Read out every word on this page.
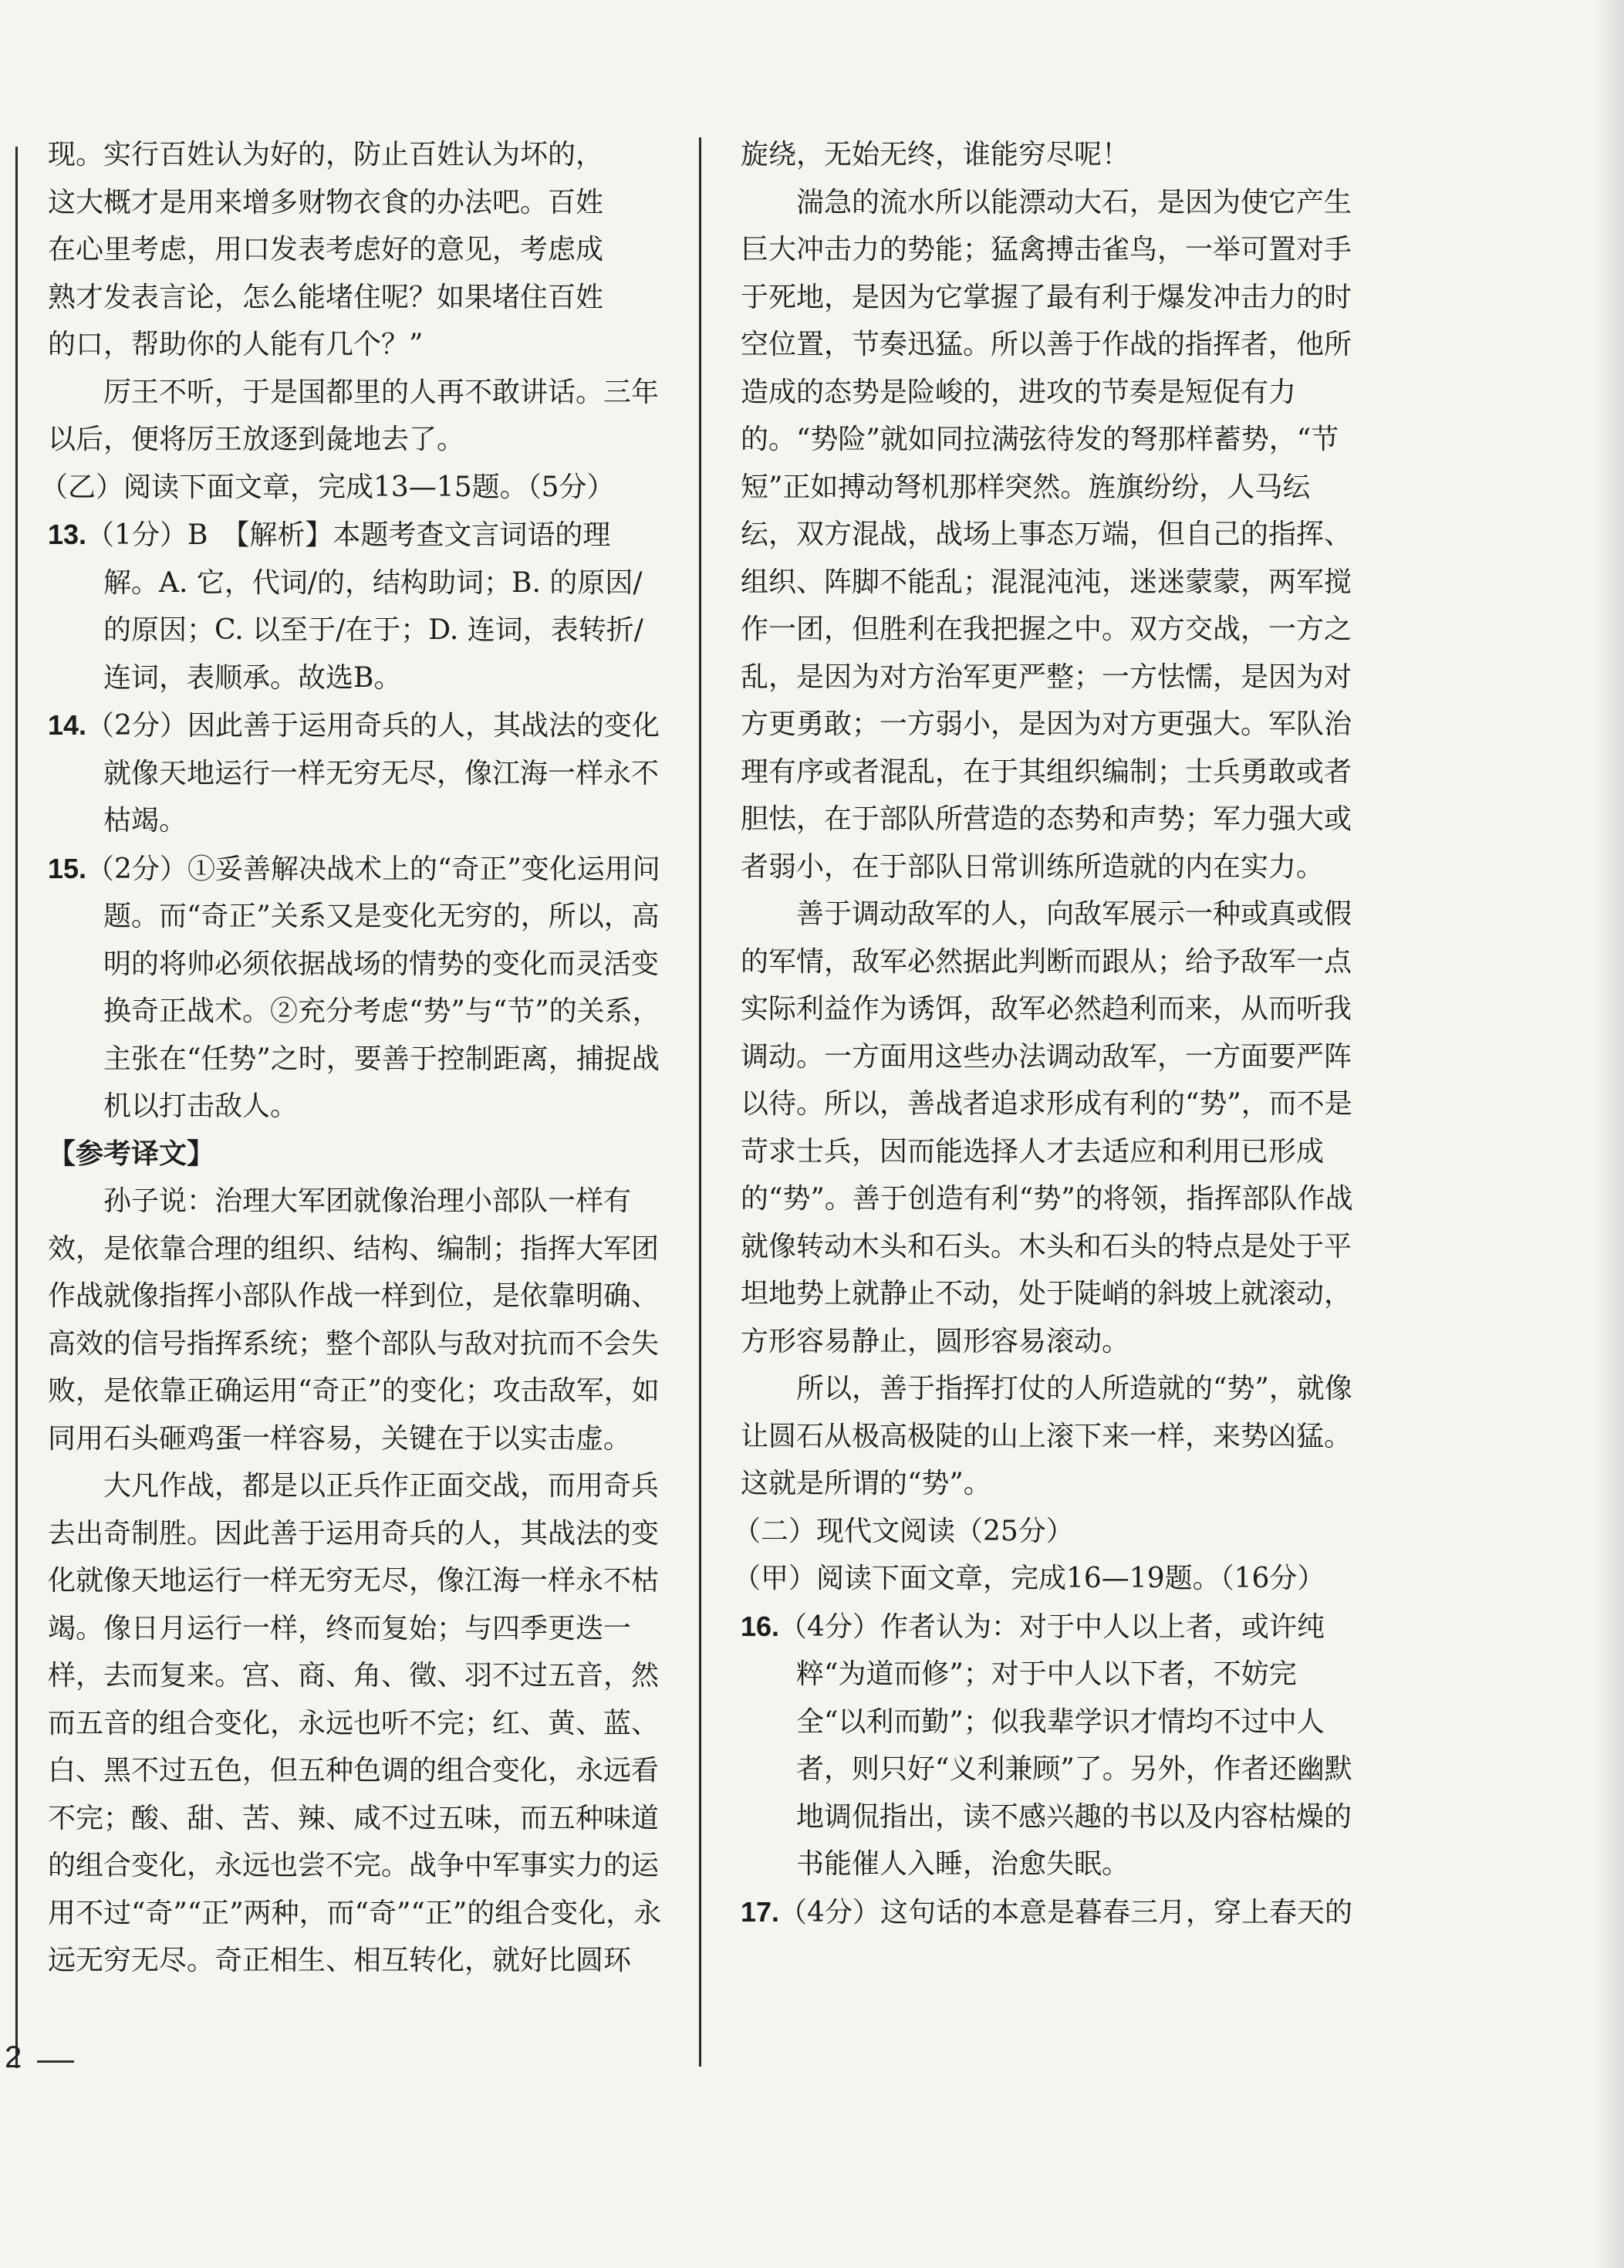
现。实行百姓认为好的，防止百姓认为坏的，

这大概才是用来增多财物衣食的办法吧。百姓

在心里考虑，用口发表考虑好的意见，考虑成

熟才发表言论，怎么能堵住呢？如果堵住百姓

的口，帮助你的人能有几个？”

厉王不听，于是国都里的人再不敢讲话。三年以后，便将厉王放逐到彘地去了。

（乙）阅读下面文章，完成13—15题。（5分）

13.（1分）B　【解析】本题考查文言词语的理解。A. 它，代词/的，结构助词；B. 的原因/的原因；C. 以至于/在于；D. 连词，表转折/连词，表顺承。故选B。
14.（2分）因此善于运用奇兵的人，其战法的变化就像天地运行一样无穷无尽，像江海一样永不枯竭。
15.（2分）①妥善解决战术上的“奇正”变化运用问题。而“奇正”关系又是变化无穷的，所以，高明的将帅必须依据战场的情势的变化而灵活变换奇正战术。②充分考虑“势”与“节”的关系，主张在“任势”之时，要善于控制距离，捕捉战机以打击敌人。

【参考译文】

孙子说：治理大军团就像治理小部队一样有效，是依靠合理的组织、结构、编制；指挥大军团作战就像指挥小部队作战一样到位，是依靠明确、高效的信号指挥系统；整个部队与敌对抗而不会失败，是依靠正确运用“奇正”的变化；攻击敌军，如同用石头砸鸡蛋一样容易，关键在于以实击虚。

大凡作战，都是以正兵作正面交战，而用奇兵去出奇制胜。因此善于运用奇兵的人，其战法的变化就像天地运行一样无穷无尽，像江海一样永不枯竭。像日月运行一样，终而复始；与四季更迭一样，去而复来。宫、商、角、徵、羽不过五音，然而五音的组合变化，永远也听不完；红、黄、蓝、白、黑不过五色，但五种色调的组合变化，永远看不完；酸、甜、苦、辣、咸不过五味，而五种味道的组合变化，永远也尝不完。战争中军事实力的运用不过“奇”“正”两种，而“奇”“正”的组合变化，永远无穷无尽。奇正相生、相互转化，就好比圆环

旋绕，无始无终，谁能穷尽呢！

湍急的流水所以能漂动大石，是因为使它产生巨大冲击力的势能；猛禽搏击雀鸟，一举可置对手于死地，是因为它掌握了最有利于爆发冲击力的时空位置，节奏迅猛。所以善于作战的指挥者，他所造成的态势是险峻的，进攻的节奏是短促有力的。“势险”就如同拉满弦待发的弩那样蓄势，“节短”正如搏动弩机那样突然。旌旗纷纷，人马纭纭，双方混战，战场上事态万端，但自己的指挥、组织、阵脚不能乱；混混沌沌，迷迷蒙蒙，两军搅作一团，但胜利在我把握之中。双方交战，一方之乱，是因为对方治军更严整；一方怯懦，是因为对方更勇敢；一方弱小，是因为对方更强大。军队治理有序或者混乱，在于其组织编制；士兵勇敢或者胆怯，在于部队所营造的态势和声势；军力强大或者弱小，在于部队日常训练所造就的内在实力。

善于调动敌军的人，向敌军展示一种或真或假的军情，敌军必然据此判断而跟从；给予敌军一点实际利益作为诱饵，敌军必然趋利而来，从而听我调动。一方面用这些办法调动敌军，一方面要严阵以待。所以，善战者追求形成有利的“势”，而不是苛求士兵，因而能选择人才去适应和利用已形成的“势”。善于创造有利“势”的将领，指挥部队作战就像转动木头和石头。木头和石头的特点是处于平坦地势上就静止不动，处于陡峭的斜坡上就滚动，方形容易静止，圆形容易滚动。

所以，善于指挥打仗的人所造就的“势”，就像让圆石从极高极陡的山上滚下来一样，来势凶猛。这就是所谓的“势”。

（二）现代文阅读（25分）

（甲）阅读下面文章，完成16—19题。（16分）

16.（4分）作者认为：对于中人以上者，或许纯粹“为道而修”；对于中人以下者，不妨完全“以利而勤”；似我辈学识才情均不过中人者，则只好“义利兼顾”了。另外，作者还幽默地调侃指出，读不感兴趣的书以及内容枯燥的书能催人入睡，治愈失眠。
17.（4分）这句话的本意是暮春三月，穿上春天的
2
